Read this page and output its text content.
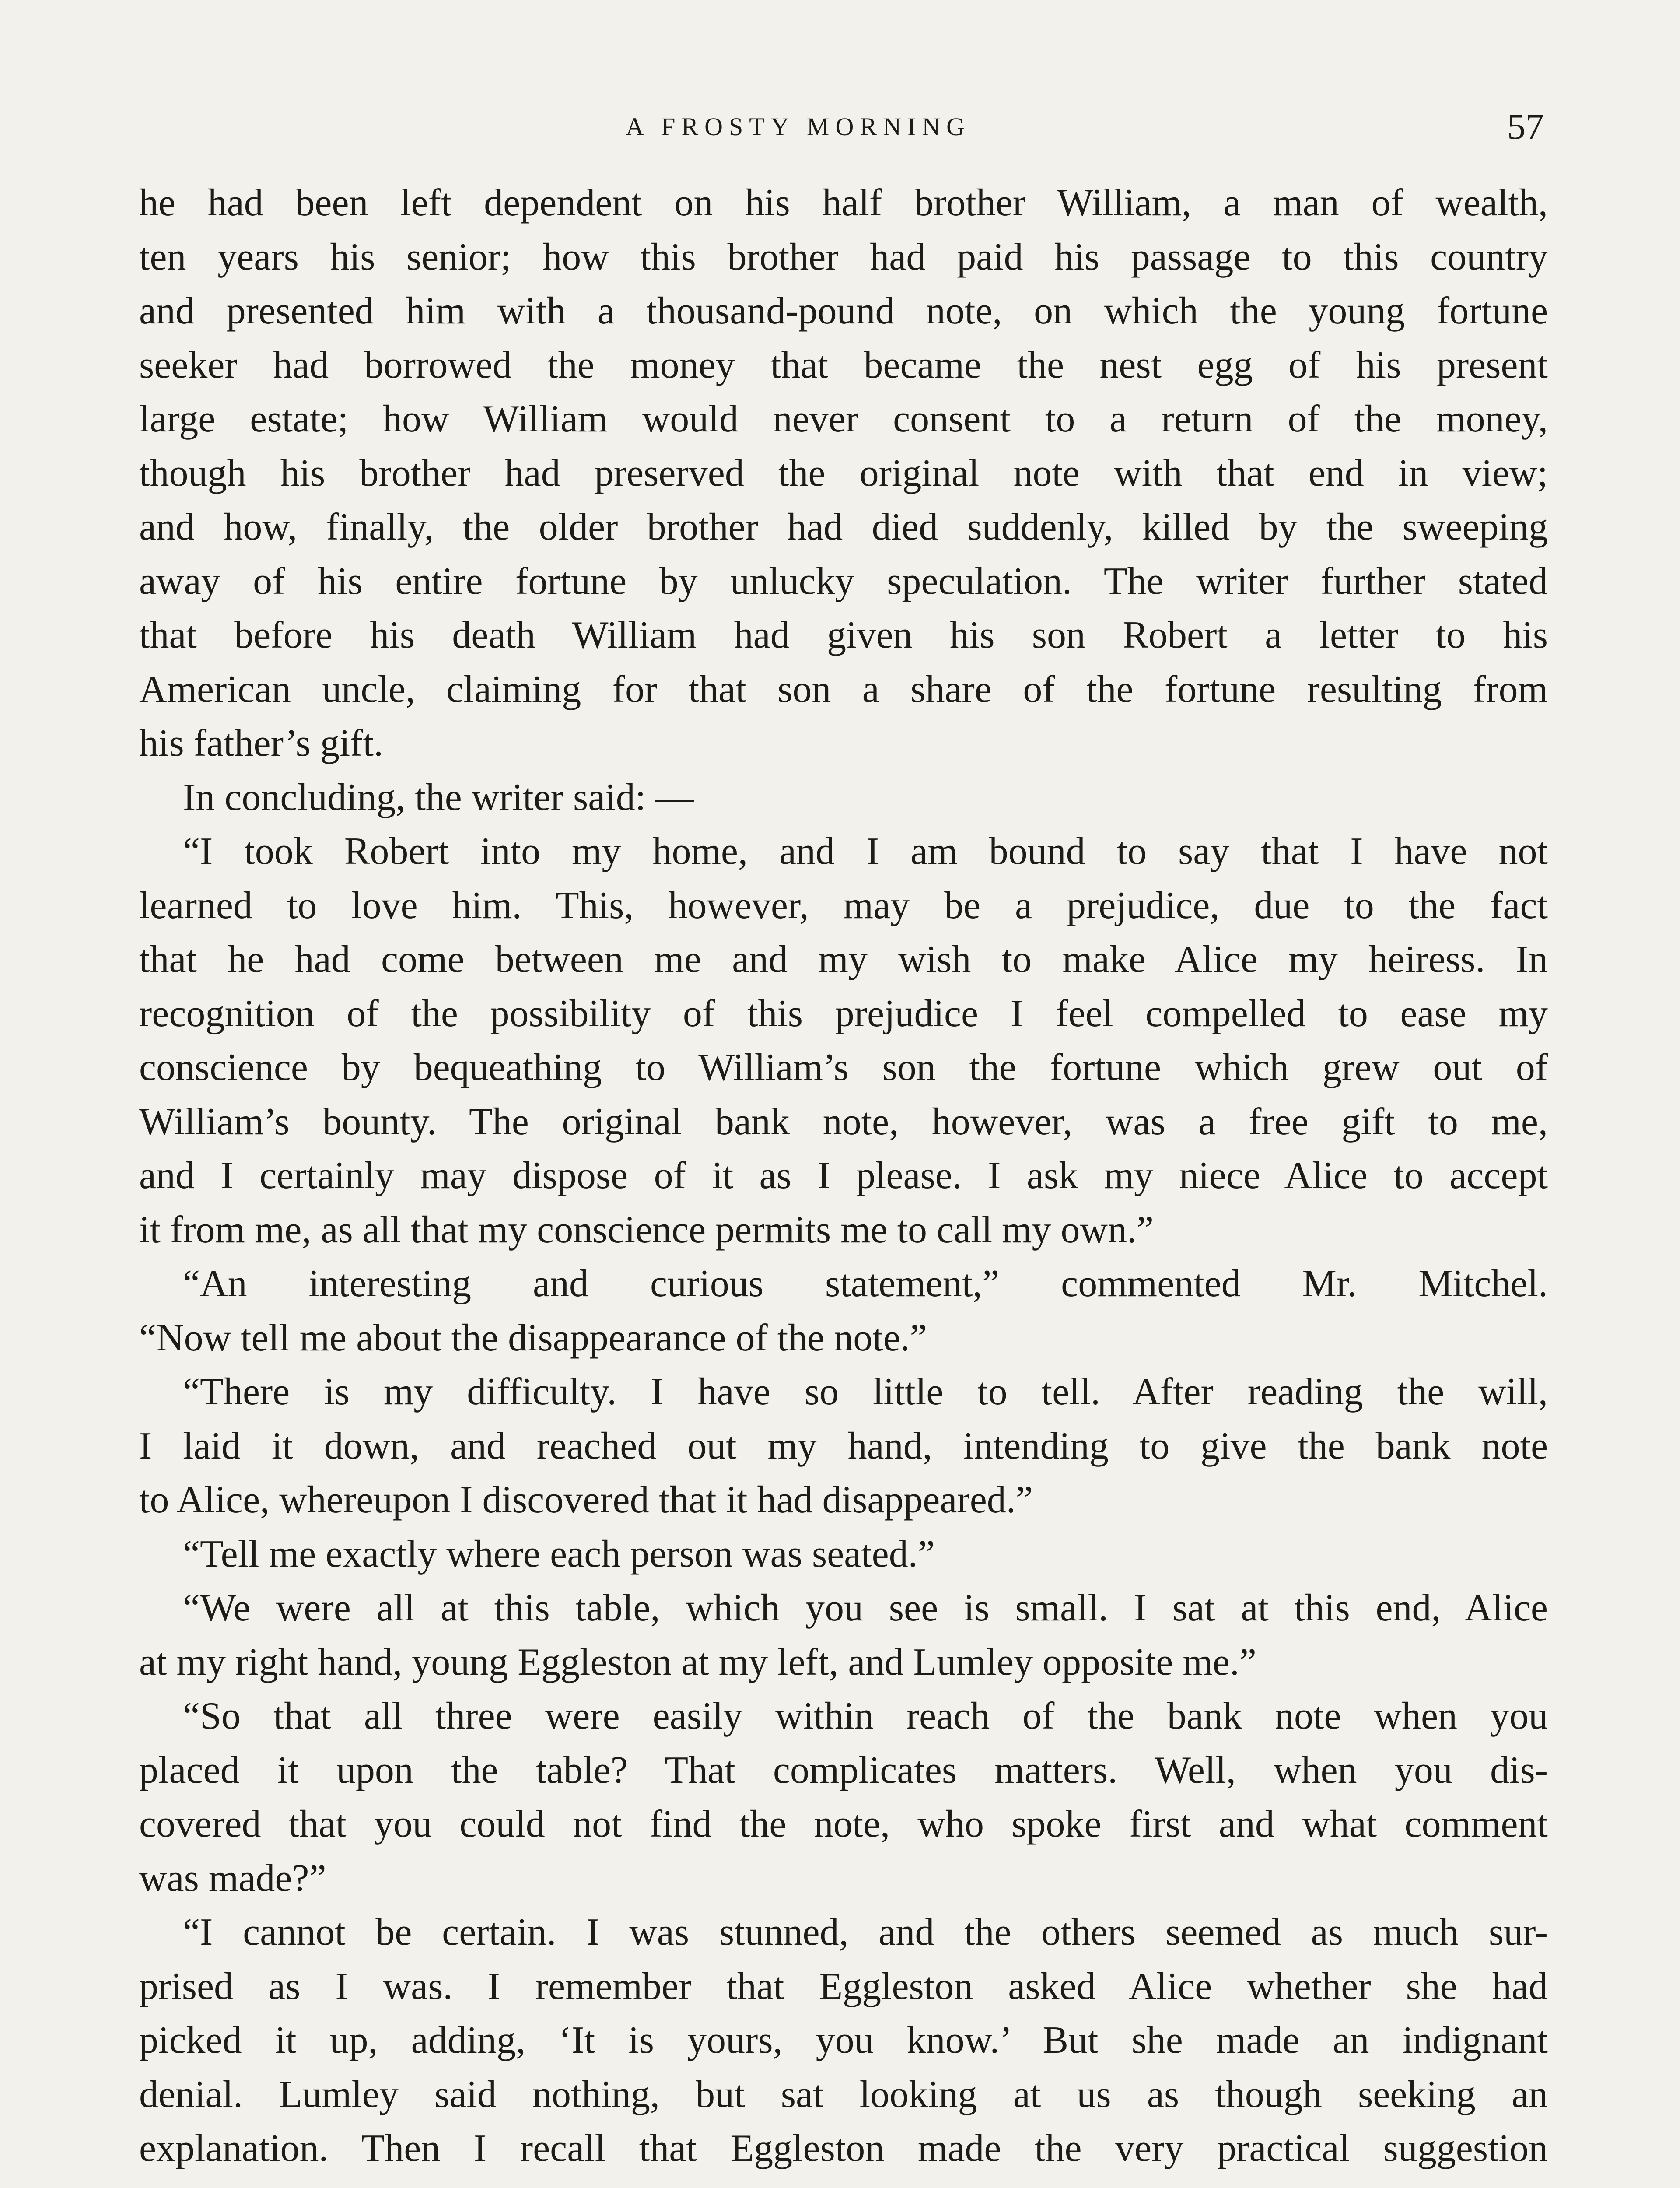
A FROSTY MORNING	57
he had been left dependent on his half brother William, a man of wealth,
ten years his senior; how this brother had paid his passage to this country
and presented him with a thousand-pound note, on which the young fortune
seeker had borrowed the money that became the nest egg of his present
large estate; how William would never consent to a return of the money,
though his brother had preserved the original note with that end in view;
and how, finally, the older brother had died suddenly, killed by the sweeping
away of his entire fortune by unlucky speculation. The writer further stated
that before his death William had given his son Robert a letter to his
American uncle, claiming for that son a share of the fortune resulting from
his father’s gift.
In concluding, the writer said: —
“I took Robert into my home, and I am bound to say that I have not
learned to love him. This, however, may be a prejudice, due to the fact
that he had come between me and my wish to make Alice my heiress. In
recognition of the possibility of this prejudice I feel compelled to ease my
conscience by bequeathing to William’s son the fortune which grew out of
William’s bounty. The original bank note, however, was a free gift to me,
and I certainly may dispose of it as I please. I ask my niece Alice to accept
it from me, as all that my conscience permits me to call my own.”
“An interesting and curious statement,” commented Mr. Mitchel.
“Now tell me about the disappearance of the note.”
“There is my difficulty. I have so little to tell. After reading the will,
I laid it down, and reached out my hand, intending to give the bank note
to Alice, whereupon I discovered that it had disappeared.”
“Tell me exactly where each person was seated.”
“We were all at this table, which you see is small. I sat at this end, Alice
at my right hand, young Eggleston at my left, and Lumley opposite me.”
“So that all three were easily within reach of the bank note when you
placed it upon the table? That complicates matters. Well, when you dis-
covered that you could not find the note, who spoke first and what comment
was made?”
“I cannot be certain. I was stunned, and the others seemed as much sur-
prised as I was. I remember that Eggleston asked Alice whether she had
picked it up, adding, ‘It is yours, you know.’ But she made an indignant
denial. Lumley said nothing, but sat looking at us as though seeking an
explanation. Then I recall that Eggleston made the very practical suggestion
